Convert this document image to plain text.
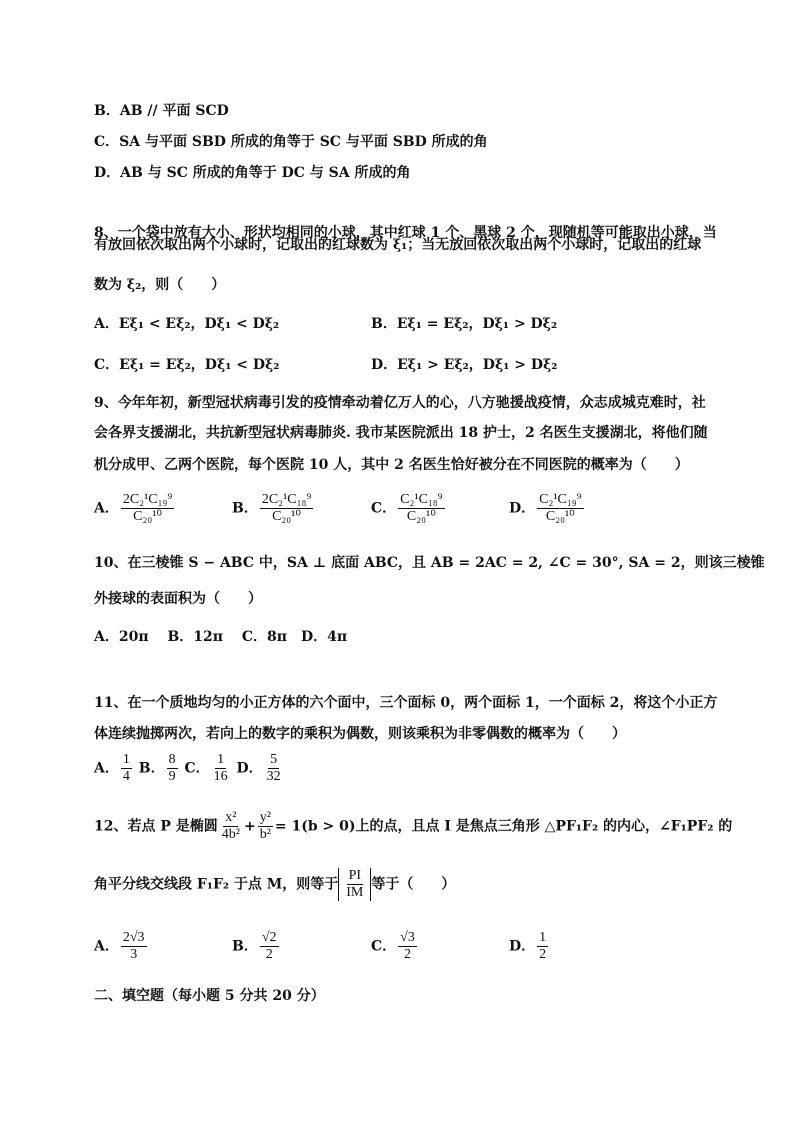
B．AB // 平面 SCD
C．SA 与平面 SBD 所成的角等于 SC 与平面 SBD 所成的角
D．AB 与 SC 所成的角等于 DC 与 SA 所成的角
8、一个袋中放有大小、形状均相同的小球，其中红球 1 个、黑球 2 个，现随机等可能取出小球，当
有放回依次取出两个小球时，记取出的红球数为 ξ₁；当无放回依次取出两个小球时，记取出的红球
数为 ξ₂，则（　　）
A．Eξ₁ < Eξ₂，Dξ₁ < Dξ₂	B．Eξ₁ = Eξ₂，Dξ₁ > Dξ₂
C．Eξ₁ = Eξ₂，Dξ₁ < Dξ₂	D．Eξ₁ > Eξ₂，Dξ₁ > Dξ₂
9、今年年初，新型冠状病毒引发的疫情牵动着亿万人的心，八方驰援战疫情，众志成城克难时，社
会各界支援湖北，共抗新型冠状病毒肺炎. 我市某医院派出 18 护士，2 名医生支援湖北，将他们随
机分成甲、乙两个医院，每个医院 10 人，其中 2 名医生恰好被分在不同医院的概率为（　　）
A． $\frac{\text{2C₂¹C₁₉⁹}}{\text{C₂₀¹⁰}}$	B． $\frac{\text{2C₂¹C₁₈⁹}}{\text{C₂₀¹⁰}}$	C． $\frac{\text{C₂¹C₁₈⁹}}{\text{C₂₀¹⁰}}$	D． $\frac{\text{C₂¹C₁₉⁹}}{\text{C₂₀¹⁰}}$
10、在三棱锥 S − ABC 中，SA ⊥ 底面 ABC，且 AB = 2AC = 2, ∠C = 30°, SA = 2，则该三棱锥
外接球的表面积为（　　）
A．20π　 B．12π　 C．8π　D．4π
11、在一个质地均匀的小正方体的六个面中，三个面标 0，两个面标 1，一个面标 2，将这个小正方
体连续抛掷两次，若向上的数字的乘积为偶数，则该乘积为非零偶数的概率为（　　）
A． $\frac{1}{4}$ B． $\frac{8}{9}$ C． $\frac{1}{16}$ D． $\frac{5}{32}$
12、若点 P 是椭圆 $\frac{\text{x²}}{\text{4b²}} + \frac{\text{y²}}{\text{b²}} = 1(b > 0)$上的点，且点 I 是焦点三角形 △PF₁F₂ 的内心，∠F₁PF₂ 的
角平分线交线段 F₁F₂ 于点 M，则等于 $\frac{PI}{IM}$ 等于（　　）
A． $\frac{2√3}{3}$	B． $\frac{√2}{2}$	C． $\frac{√3}{2}$	D． $\frac{1}{2}$
二、填空题（每小题 5 分共 20 分）
